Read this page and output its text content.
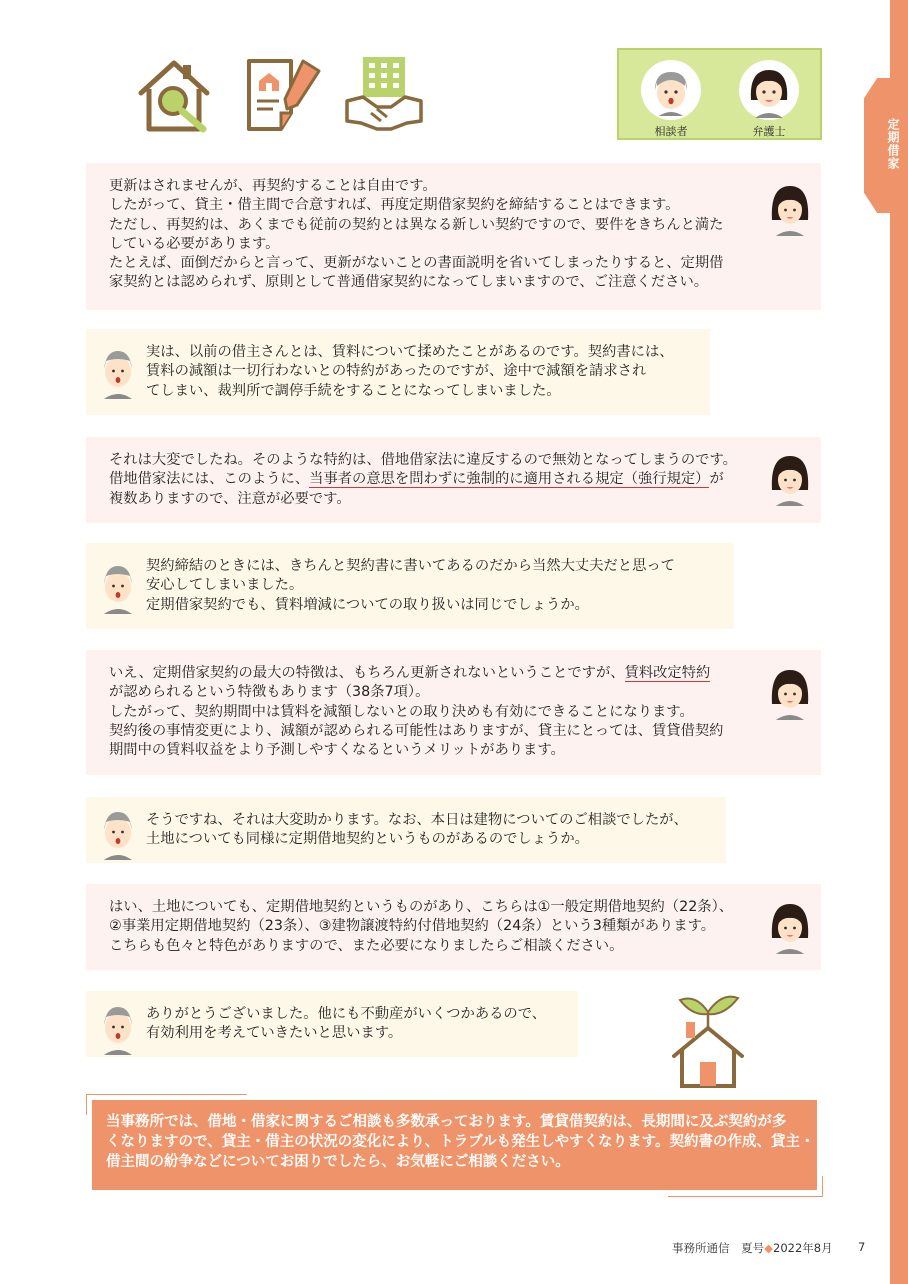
定期借家
相談者	弁護士
更新はされませんが、再契約することは自由です。
したがって、貸主・借主間で合意すれば、再度定期借家契約を締結することはできます。
ただし、再契約は、あくまでも従前の契約とは異なる新しい契約ですので、要件をきちんと満た
している必要があります。
たとえば、面倒だからと言って、更新がないことの書面説明を省いてしまったりすると、定期借
家契約とは認められず、原則として普通借家契約になってしまいますので、ご注意ください。
実は、以前の借主さんとは、賃料について揉めたことがあるのです。契約書には、
賃料の減額は一切行わないとの特約があったのですが、途中で減額を請求され
てしまい、裁判所で調停手続をすることになってしまいました。
それは大変でしたね。そのような特約は、借地借家法に違反するので無効となってしまうのです。
借地借家法には、このように、当事者の意思を問わずに強制的に適用される規定（強行規定）が
複数ありますので、注意が必要です。
契約締結のときには、きちんと契約書に書いてあるのだから当然大丈夫だと思って
安心してしまいました。
定期借家契約でも、賃料増減についての取り扱いは同じでしょうか。
いえ、定期借家契約の最大の特徴は、もちろん更新されないということですが、賃料改定特約
が認められるという特徴もあります（38条7項）。
したがって、契約期間中は賃料を減額しないとの取り決めも有効にできることになります。
契約後の事情変更により、減額が認められる可能性はありますが、貸主にとっては、賃貸借契約
期間中の賃料収益をより予測しやすくなるというメリットがあります。
そうですね、それは大変助かります。なお、本日は建物についてのご相談でしたが、
土地についても同様に定期借地契約というものがあるのでしょうか。
はい、土地についても、定期借地契約というものがあり、こちらは①一般定期借地契約（22条）、
②事業用定期借地契約（23条）、③建物譲渡特約付借地契約（24条）という3種類があります。
こちらも色々と特色がありますので、また必要になりましたらご相談ください。
ありがとうございました。他にも不動産がいくつかあるので、
有効利用を考えていきたいと思います。
当事務所では、借地・借家に関するご相談も多数承っております。賃貸借契約は、長期間に及ぶ契約が多
くなりますので、貸主・借主の状況の変化により、トラブルも発生しやすくなります。契約書の作成、貸主・
借主間の紛争などについてお困りでしたら、お気軽にご相談ください。
事務所通信 夏号◆2022年8月 7
